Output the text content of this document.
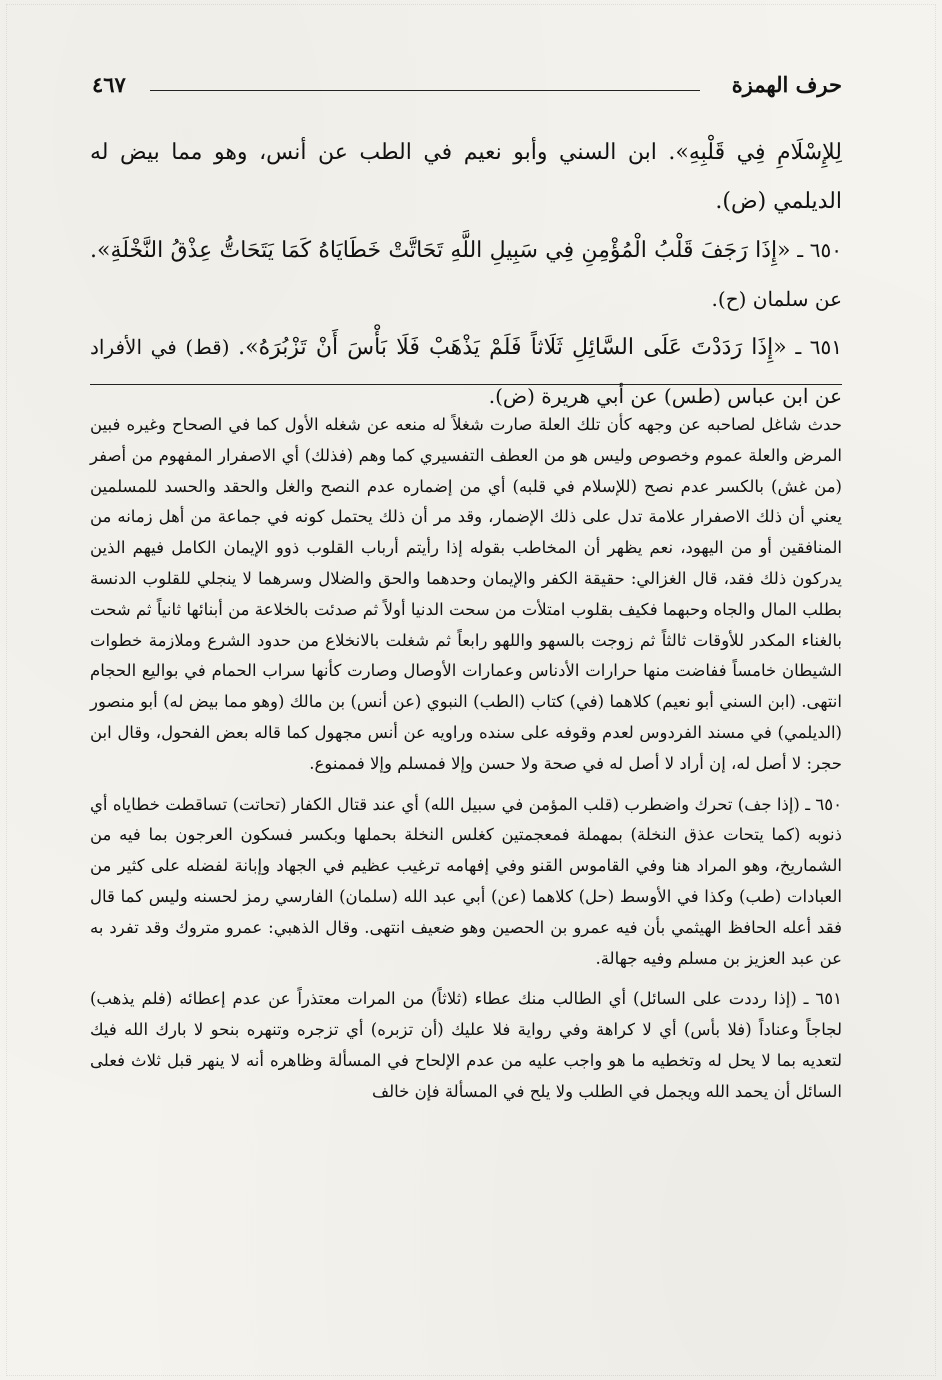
حرف الهمزة
٤٦٧

لِلإِسْلَامِ فِي قَلْبِهِ». ابن السني وأبو نعيم في الطب عن أنس، وهو مما بيض له الديلمي (ض).

٦٥٠ ـ «إِذَا رَجَفَ قَلْبُ الْمُؤْمِنِ فِي سَبِيلِ اللَّهِ تَحَاتَّتْ خَطَايَاهُ كَمَا يَتَحَاتُّ عِذْقُ النَّخْلَةِ». عن سلمان (ح).

٦٥١ ـ «إِذَا رَدَدْتَ عَلَى السَّائِلِ ثَلَاثاً فَلَمْ يَذْهَبْ فَلَا بَأْسَ أَنْ تَزْبُرَهُ». (قط) في الأفراد عن ابن عباس (طس) عن أبي هريرة (ض).

حدث شاغل لصاحبه عن وجهه كأن تلك العلة صارت شغلاً له منعه عن شغله الأول كما في الصحاح وغيره فبين المرض والعلة عموم وخصوص وليس هو من العطف التفسيري كما وهم (فذلك) أي الاصفرار المفهوم من أصفر (من غش) بالكسر عدم نصح (للإسلام في قلبه) أي من إضماره عدم النصح والغل والحقد والحسد للمسلمين يعني أن ذلك الاصفرار علامة تدل على ذلك الإضمار، وقد مر أن ذلك يحتمل كونه في جماعة من أهل زمانه من المنافقين أو من اليهود، نعم يظهر أن المخاطب بقوله إذا رأيتم أرباب القلوب ذوو الإيمان الكامل فيهم الذين يدركون ذلك فقد، قال الغزالي: حقيقة الكفر والإيمان وحدهما والحق والضلال وسرهما لا ينجلي للقلوب الدنسة بطلب المال والجاه وحبهما فكيف بقلوب امتلأت من سحت الدنيا أولاً ثم صدئت بالخلاعة من أبنائها ثانياً ثم شحت بالغناء المكدر للأوقات ثالثاً ثم زوجت بالسهو واللهو رابعاً ثم شغلت بالانخلاع من حدود الشرع وملازمة خطوات الشيطان خامساً ففاضت منها حرارات الأدناس وعمارات الأوصال وصارت كأنها سراب الحمام في بواليع الحجام انتهى. (ابن السني أبو نعيم) كلاهما (في) كتاب (الطب) النبوي (عن أنس) بن مالك (وهو مما بيض له) أبو منصور (الديلمي) في مسند الفردوس لعدم وقوفه على سنده وراويه عن أنس مجهول كما قاله بعض الفحول، وقال ابن حجر: لا أصل له، إن أراد لا أصل له في صحة ولا حسن وإلا فمسلم وإلا فممنوع.

٦٥٠ ـ (إذا جف) تحرك واضطرب (قلب المؤمن في سبيل الله) أي عند قتال الكفار (تحاتت) تساقطت خطاياه أي ذنوبه (كما يتحات عذق النخلة) بمهملة فمعجمتين كغلس النخلة بحملها وبكسر فسكون العرجون بما فيه من الشماريخ، وهو المراد هنا وفي القاموس القنو وفي إفهامه ترغيب عظيم في الجهاد وإبانة لفضله على كثير من العبادات (طب) وكذا في الأوسط (حل) كلاهما (عن) أبي عبد الله (سلمان) الفارسي رمز لحسنه وليس كما قال فقد أعله الحافظ الهيثمي بأن فيه عمرو بن الحصين وهو ضعيف انتهى. وقال الذهبي: عمرو متروك وقد تفرد به عن عبد العزيز بن مسلم وفيه جهالة.

٦٥١ ـ (إذا رددت على السائل) أي الطالب منك عطاء (ثلاثاً) من المرات معتذراً عن عدم إعطائه (فلم يذهب) لجاجاً وعناداً (فلا بأس) أي لا كراهة وفي رواية فلا عليك (أن تزبره) أي تزجره وتنهره بنحو لا بارك الله فيك لتعديه بما لا يحل له وتخطيه ما هو واجب عليه من عدم الإلحاح في المسألة وظاهره أنه لا ينهر قبل ثلاث فعلى السائل أن يحمد الله ويجمل في الطلب ولا يلح في المسألة فإن خالف
